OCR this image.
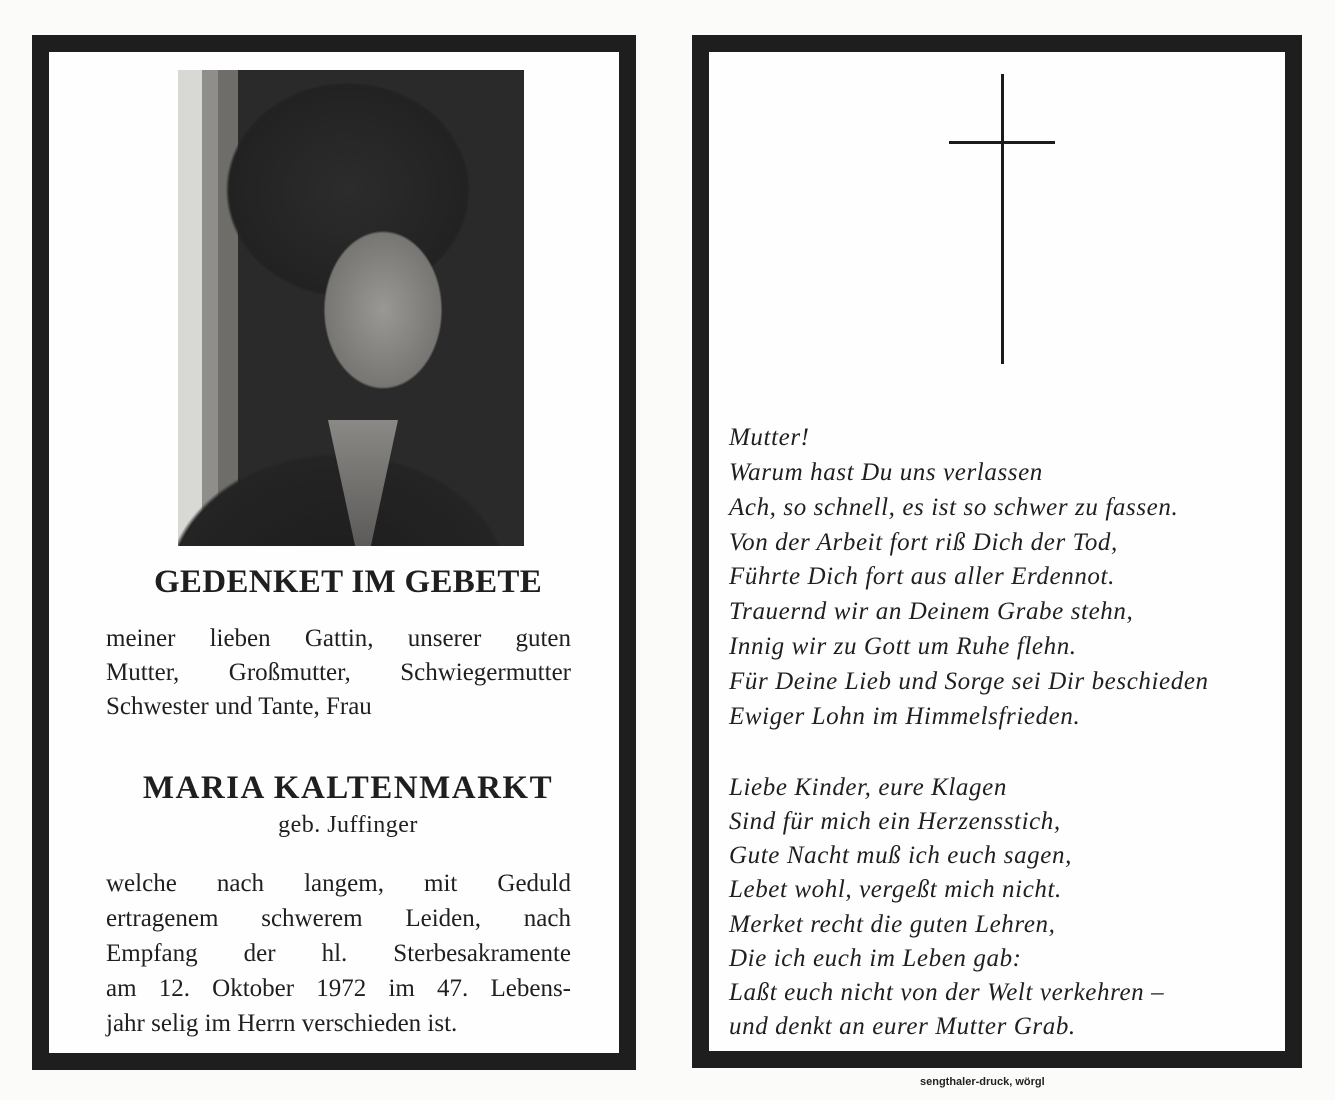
GEDENKET IM GEBETE
meiner lieben Gattin, unserer guten
Mutter, Großmutter, Schwiegermutter
Schwester und Tante, Frau
MARIA KALTENMARKT
geb. Juffinger
welche nach langem, mit Geduld
ertragenem schwerem Leiden, nach
Empfang der hl. Sterbesakramente
am 12. Oktober 1972 im 47. Lebens-
jahr selig im Herrn verschieden ist.
Mutter!
Warum hast Du uns verlassen
Ach, so schnell, es ist so schwer zu fassen.
Von der Arbeit fort riß Dich der Tod,
Führte Dich fort aus aller Erdennot.
Trauernd wir an Deinem Grabe stehn,
Innig wir zu Gott um Ruhe flehn.
Für Deine Lieb und Sorge sei Dir beschieden
Ewiger Lohn im Himmelsfrieden.
Liebe Kinder, eure Klagen
Sind für mich ein Herzensstich,
Gute Nacht muß ich euch sagen,
Lebet wohl, vergeßt mich nicht.
Merket recht die guten Lehren,
Die ich euch im Leben gab:
Laßt euch nicht von der Welt verkehren –
und denkt an eurer Mutter Grab.
sengthaler-druck, wörgl
